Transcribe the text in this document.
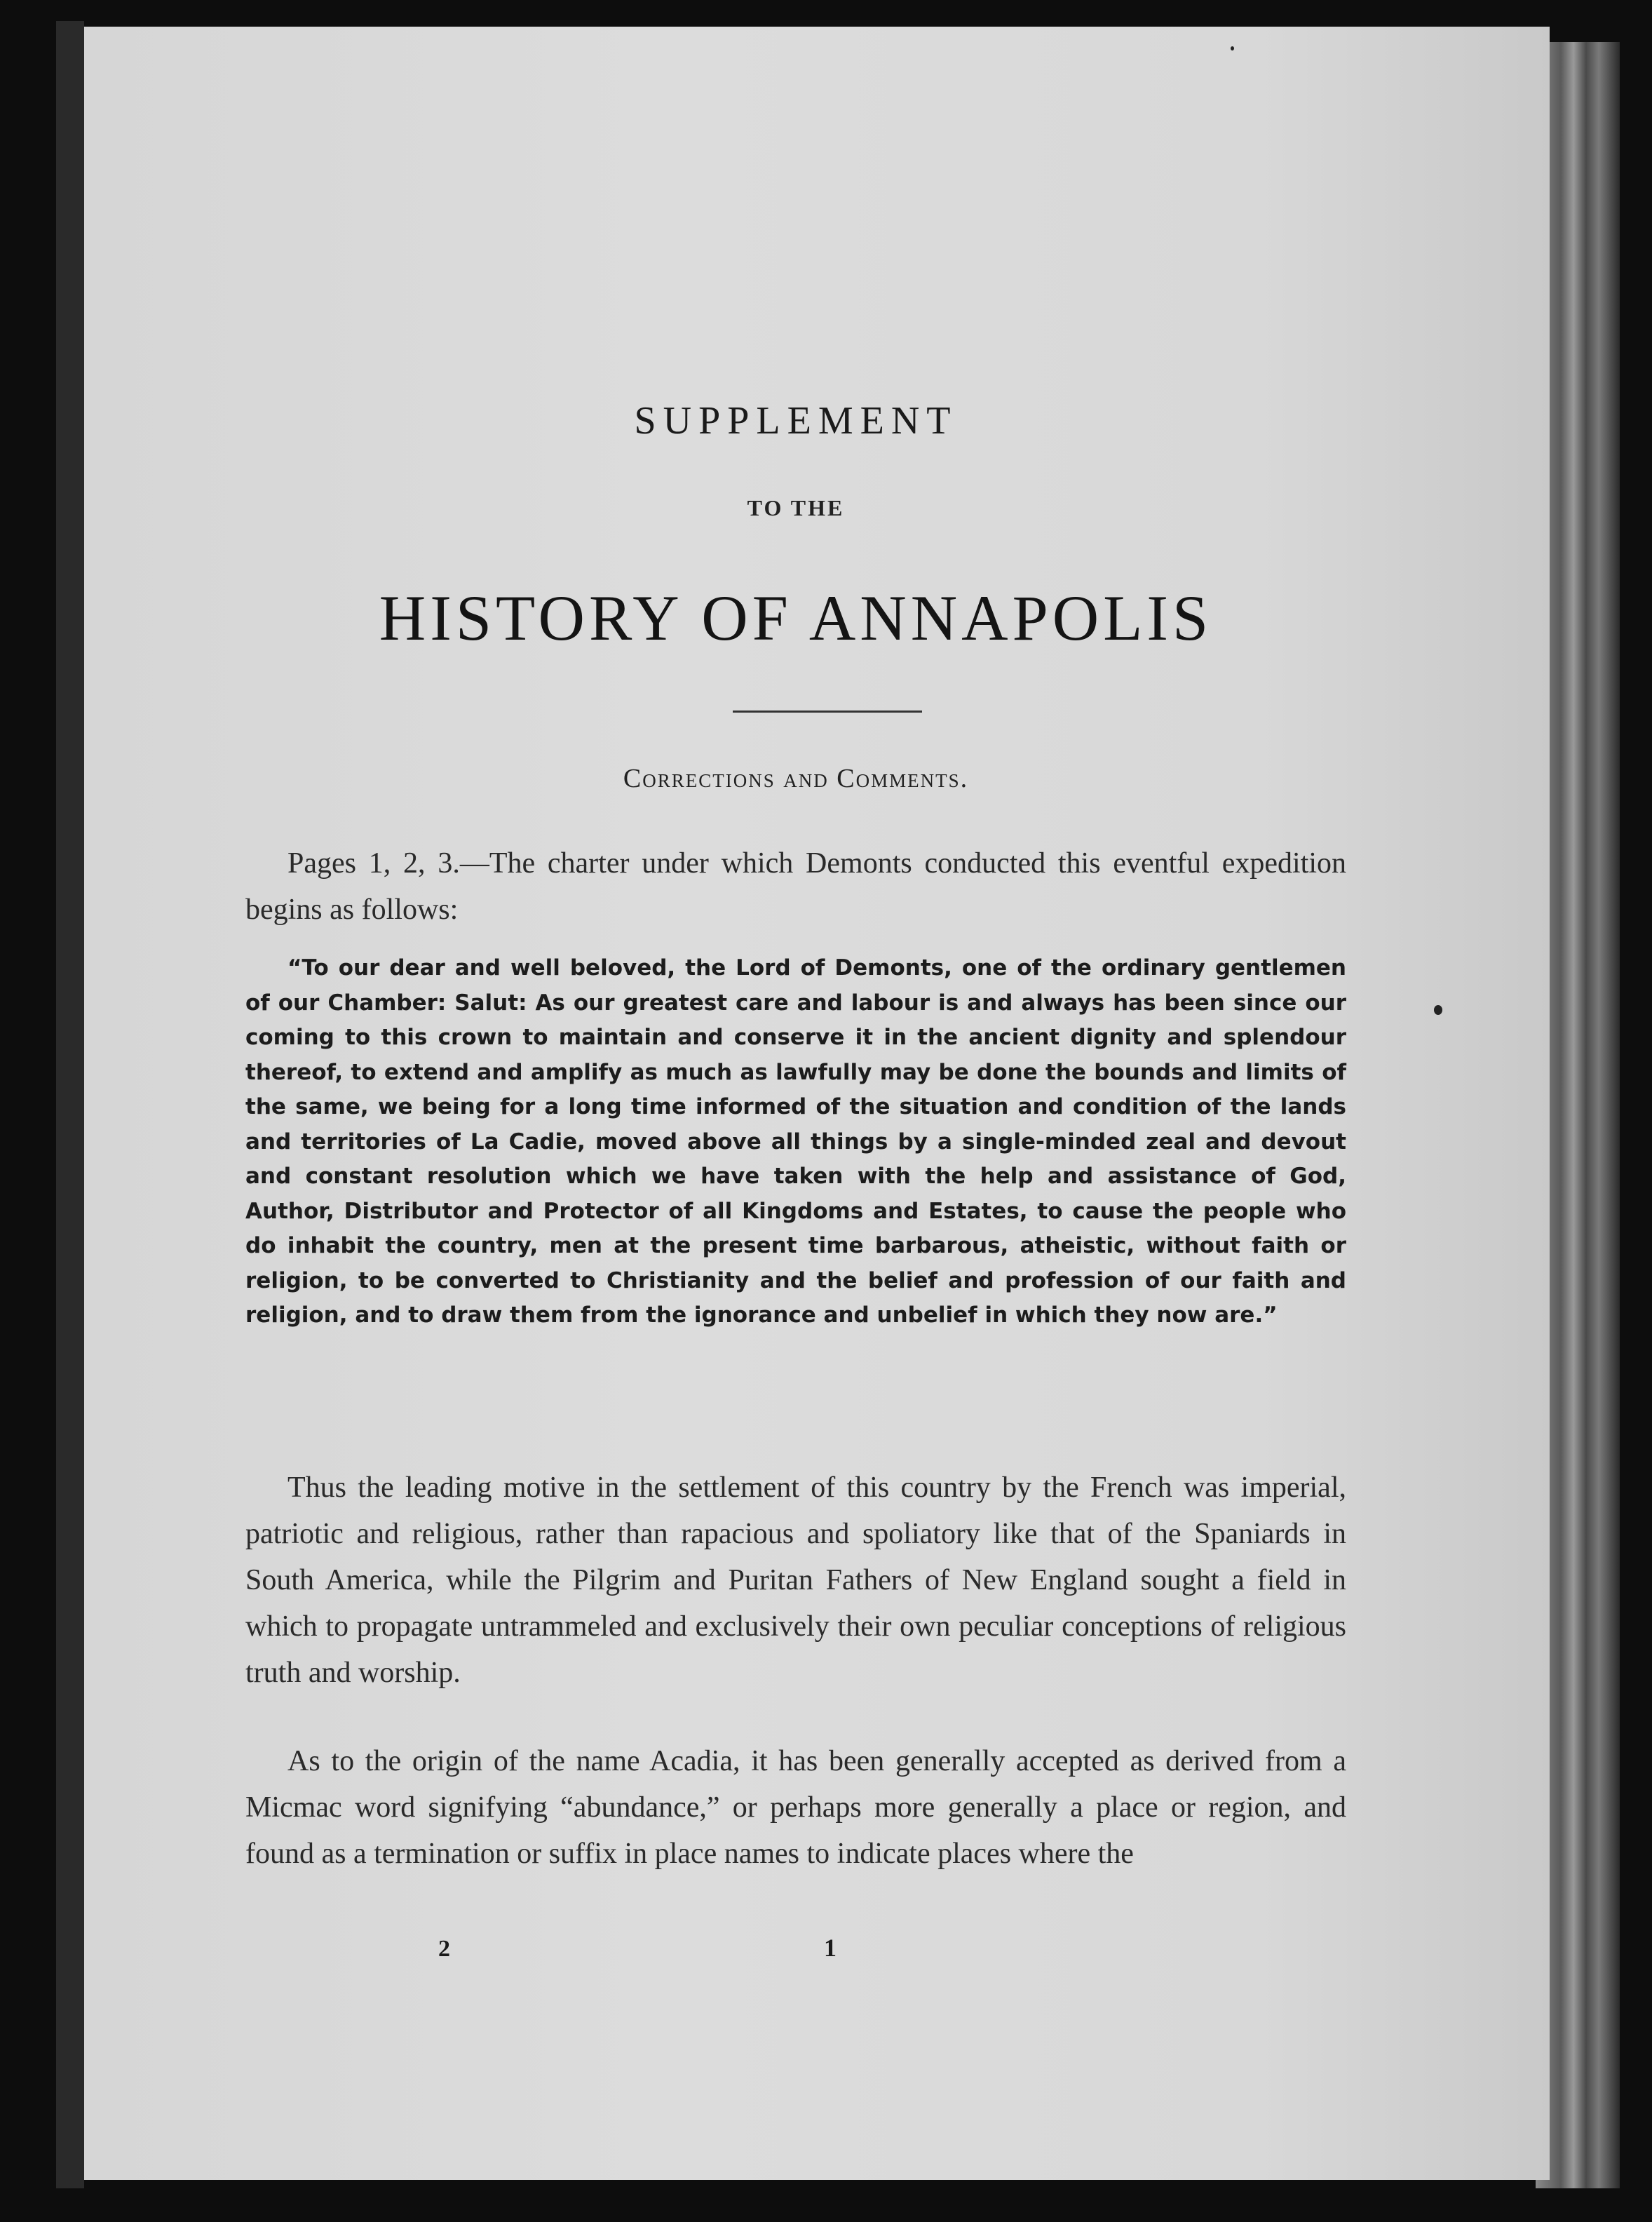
SUPPLEMENT
TO THE
HISTORY OF ANNAPOLIS
Corrections and Comments.

Pages 1, 2, 3.—The charter under which Demonts conducted this eventful expedition begins as follows:

“To our dear and well beloved, the Lord of Demonts, one of the ordinary gentlemen of our Chamber: Salut: As our greatest care and labour is and always has been since our coming to this crown to maintain and conserve it in the ancient dignity and splendour thereof, to extend and amplify as much as lawfully may be done the bounds and limits of the same, we being for a long time informed of the situation and condition of the lands and territories of La Cadie, moved above all things by a single-minded zeal and devout and constant resolution which we have taken with the help and assistance of God, Author, Distributor and Protector of all Kingdoms and Estates, to cause the people who do inhabit the country, men at the present time barbarous, atheistic, without faith or religion, to be converted to Christianity and the belief and profession of our faith and religion, and to draw them from the ignorance and unbelief in which they now are.”

Thus the leading motive in the settlement of this country by the French was imperial, patriotic and religious, rather than rapacious and spoliatory like that of the Spaniards in South America, while the Pilgrim and Puritan Fathers of New England sought a field in which to propagate untrammeled and exclusively their own peculiar conceptions of religious truth and worship.

As to the origin of the name Acadia, it has been generally accepted as derived from a Micmac word signifying “abundance,” or perhaps more generally a place or region, and found as a termination or suffix in place names to indicate places where the

2	1
